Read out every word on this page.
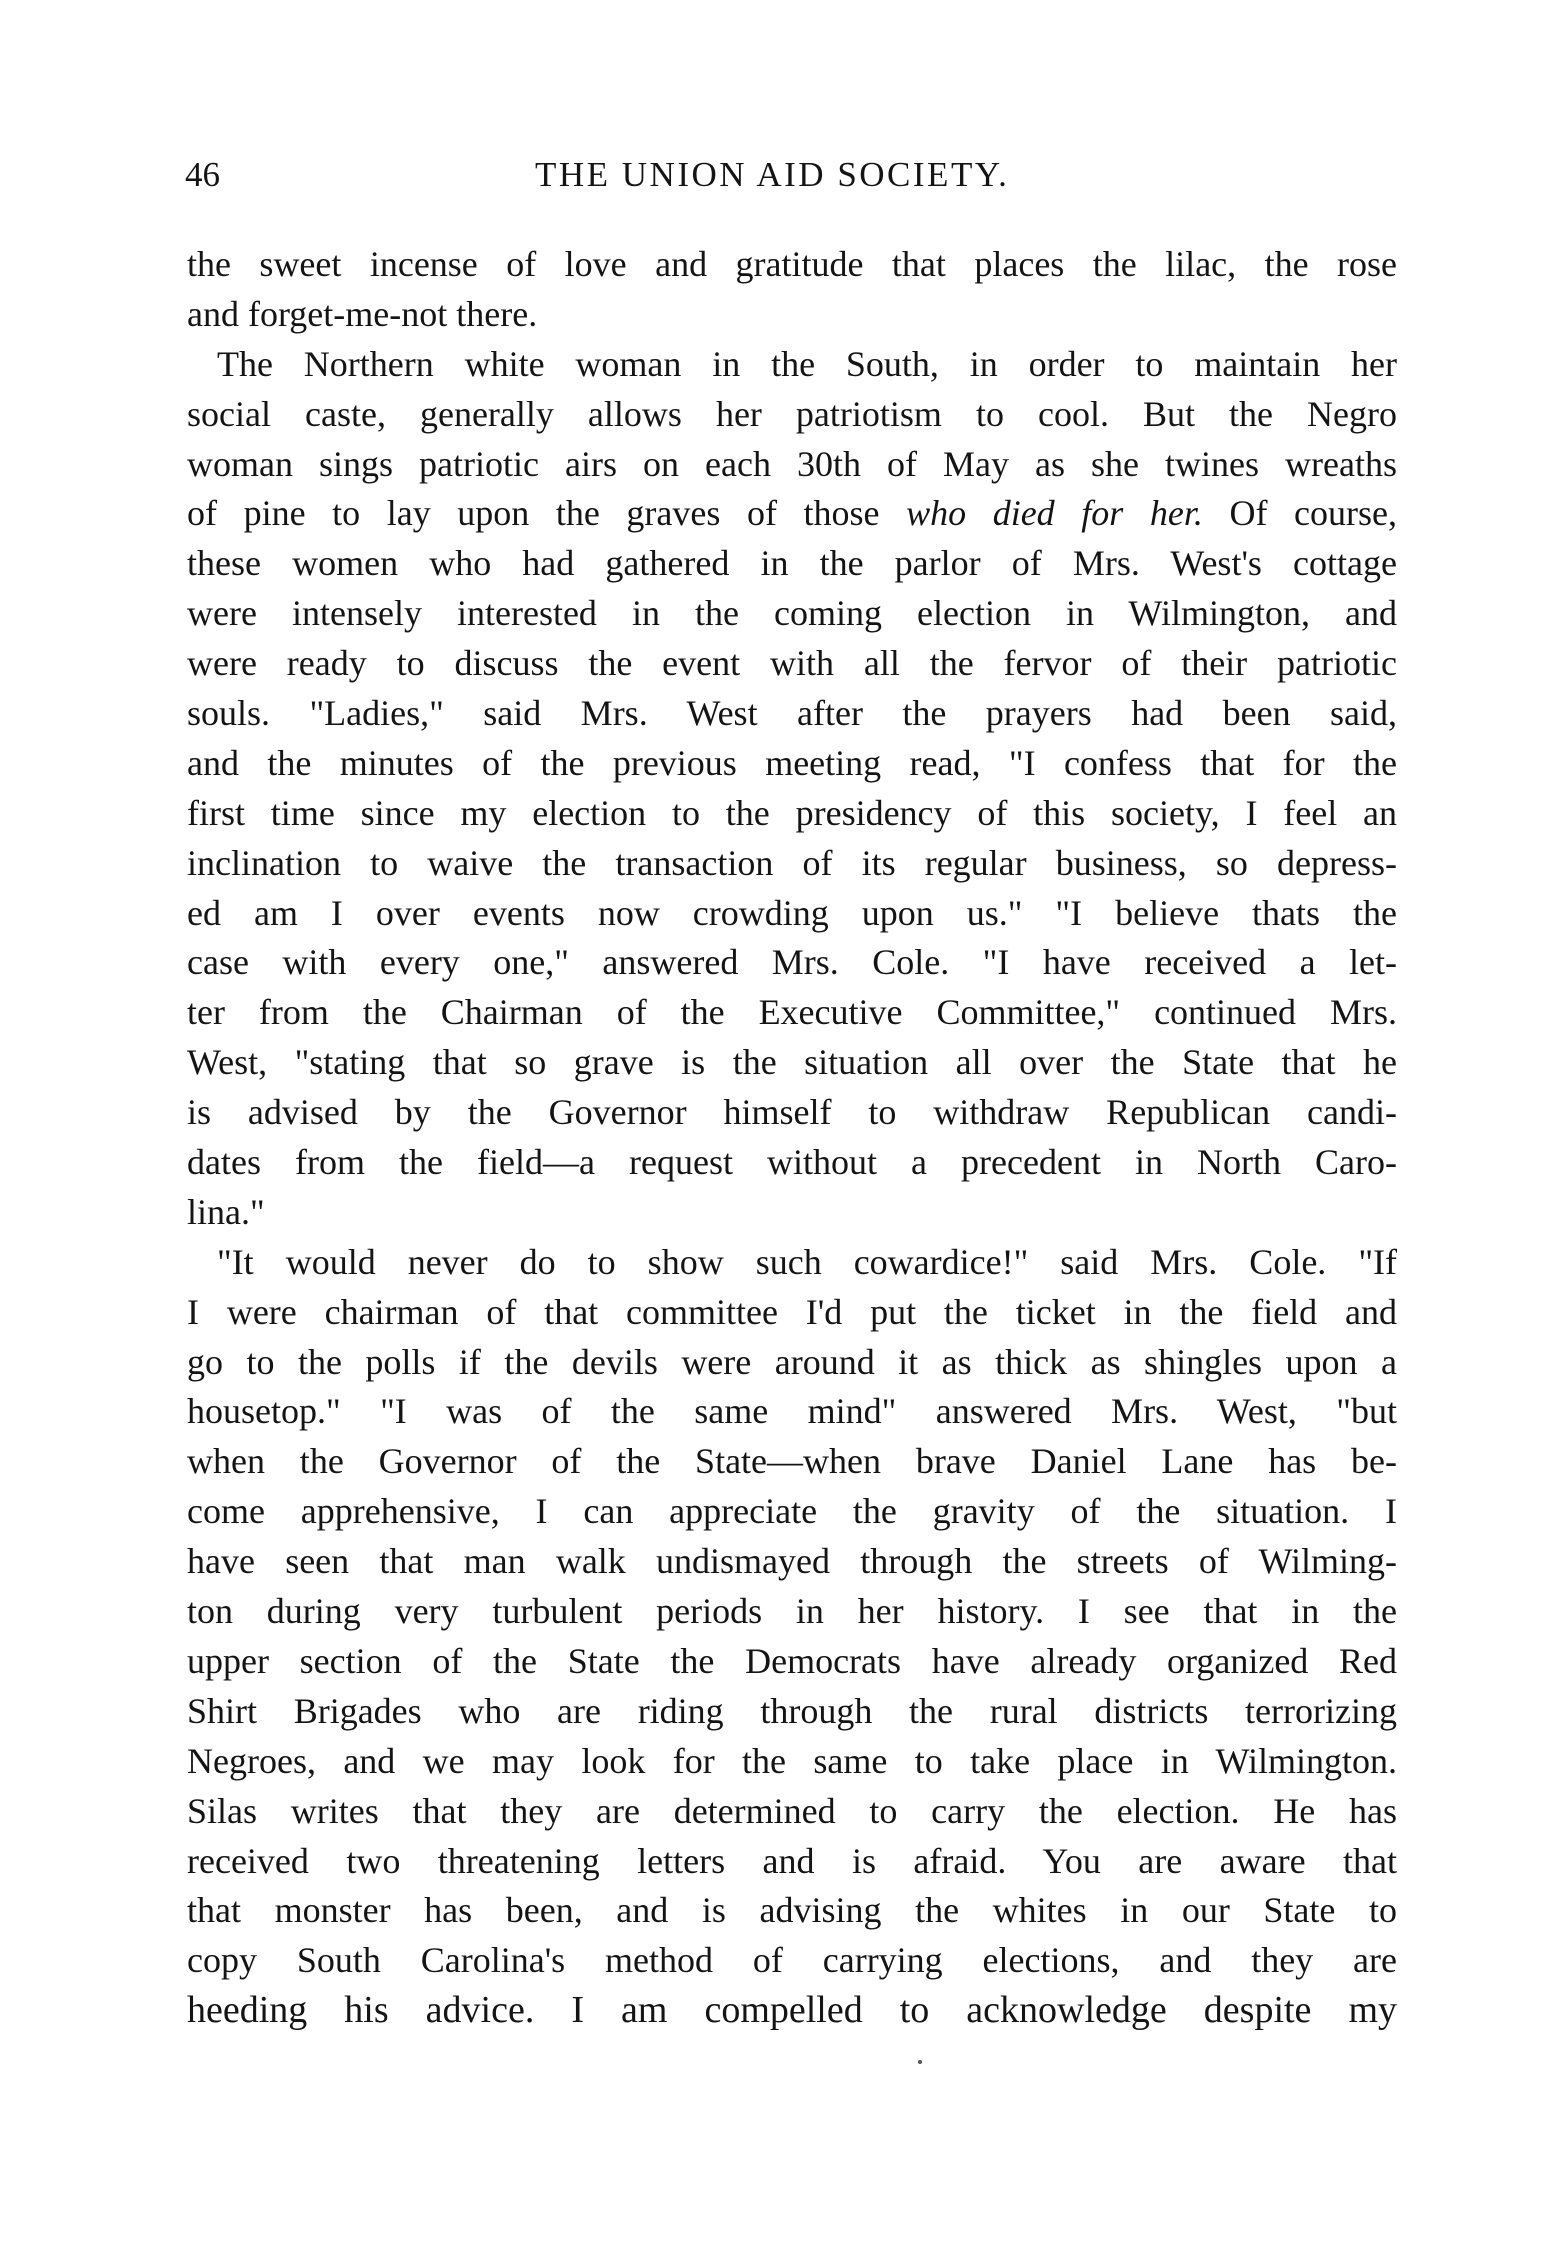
46	THE UNION AID SOCIETY.
the sweet incense of love and gratitude that places the lilac, the rose
and forget-me-not there.
The Northern white woman in the South, in order to maintain her
social caste, generally allows her patriotism to cool. But the Negro
woman sings patriotic airs on each 30th of May as she twines wreaths
of pine to lay upon the graves of those who died for her. Of course,
these women who had gathered in the parlor of Mrs. West's cottage
were intensely interested in the coming election in Wilmington, and
were ready to discuss the event with all the fervor of their patriotic
souls. "Ladies," said Mrs. West after the prayers had been said,
and the minutes of the previous meeting read, "I confess that for the
first time since my election to the presidency of this society, I feel an
inclination to waive the transaction of its regular business, so depress-
ed am I over events now crowding upon us." "I believe thats the
case with every one," answered Mrs. Cole. "I have received a let-
ter from the Chairman of the Executive Committee," continued Mrs.
West, "stating that so grave is the situation all over the State that he
is advised by the Governor himself to withdraw Republican candi-
dates from the field—a request without a precedent in North Caro-
lina."
"It would never do to show such cowardice!" said Mrs. Cole. "If
I were chairman of that committee I'd put the ticket in the field and
go to the polls if the devils were around it as thick as shingles upon a
housetop." "I was of the same mind" answered Mrs. West, "but
when the Governor of the State—when brave Daniel Lane has be-
come apprehensive, I can appreciate the gravity of the situation. I
have seen that man walk undismayed through the streets of Wilming-
ton during very turbulent periods in her history. I see that in the
upper section of the State the Democrats have already organized Red
Shirt Brigades who are riding through the rural districts terrorizing
Negroes, and we may look for the same to take place in Wilmington.
Silas writes that they are determined to carry the election. He has
received two threatening letters and is afraid. You are aware that
that monster has been, and is advising the whites in our State to
copy South Carolina's method of carrying elections, and they are
heeding his advice. I am compelled to acknowledge despite my
